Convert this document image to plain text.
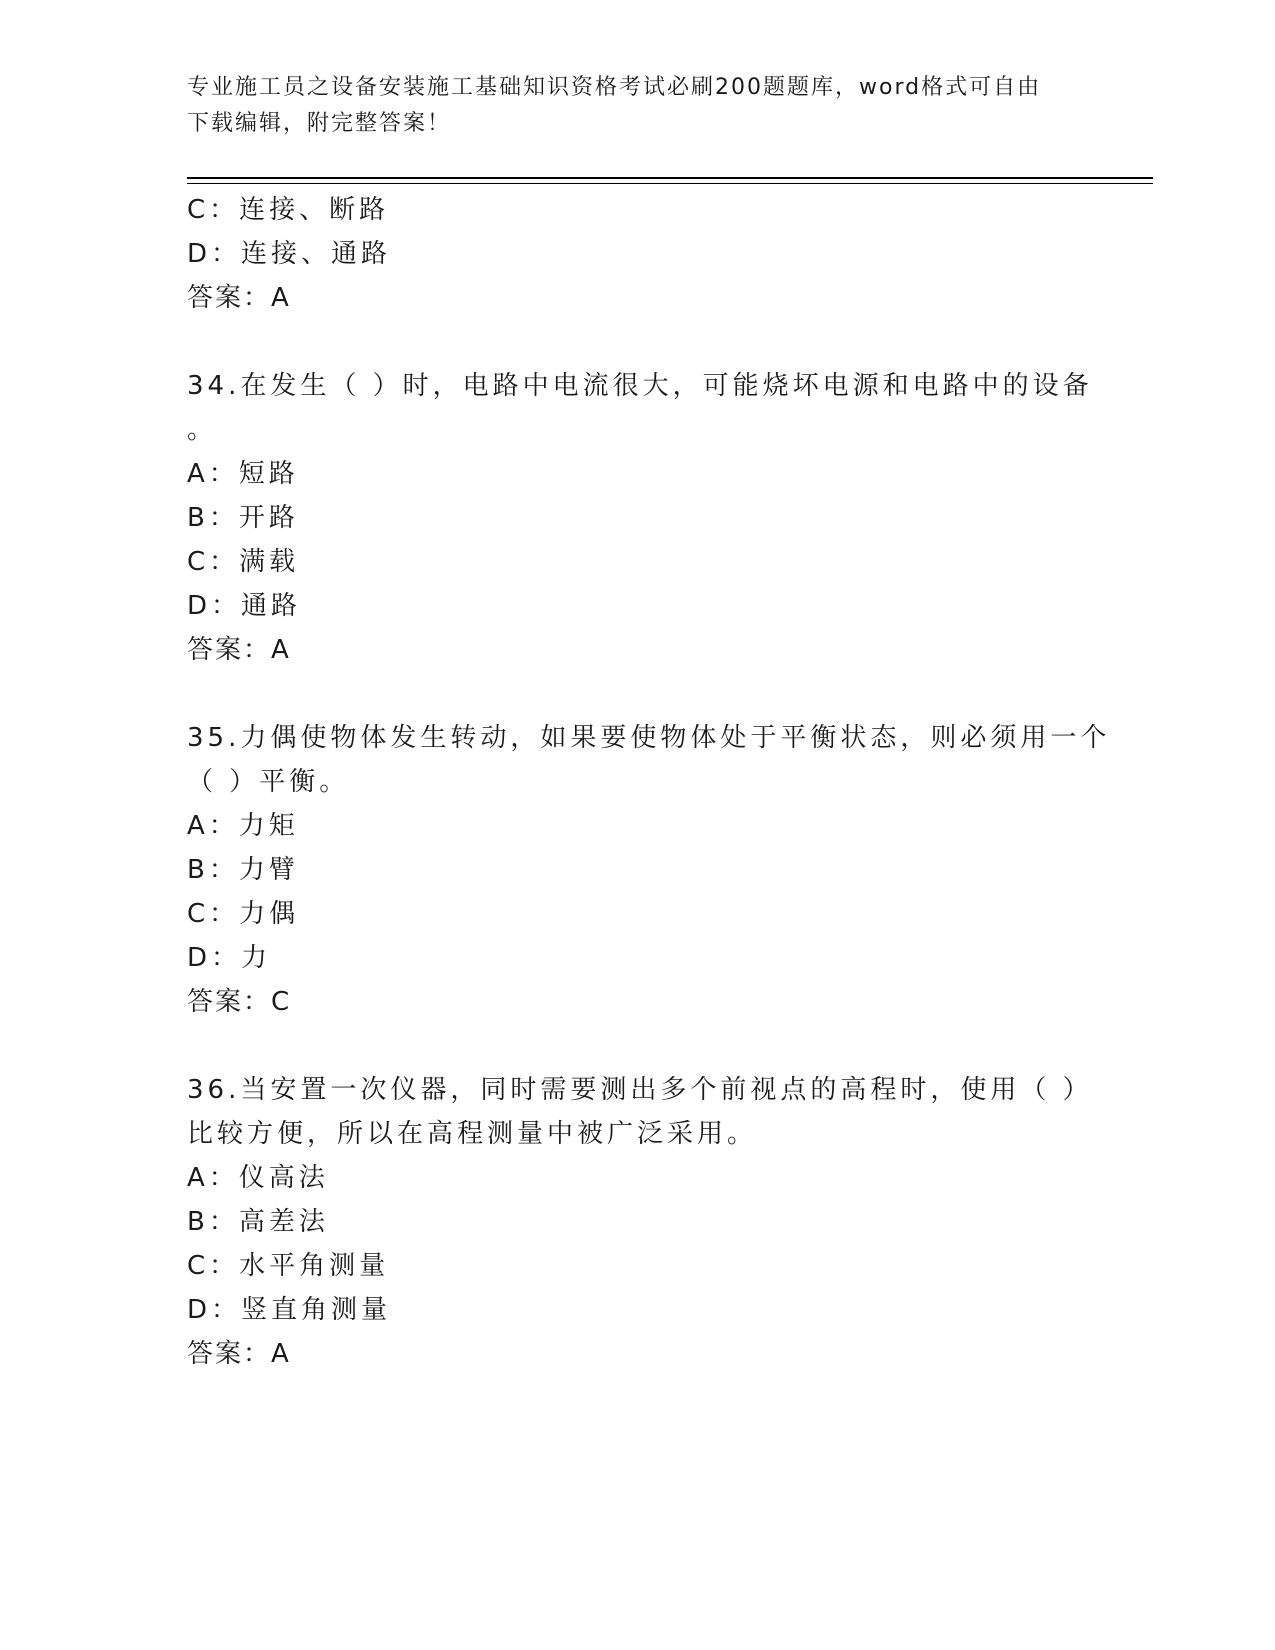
专业施工员之设备安装施工基础知识资格考试必刷200题题库，word格式可自由
下载编辑，附完整答案！
C：连接、断路
D：连接、通路
答案：A
34.在发生（ ）时，电路中电流很大，可能烧坏电源和电路中的设备
。
A：短路
B：开路
C：满载
D：通路
答案：A
35.力偶使物体发生转动，如果要使物体处于平衡状态，则必须用一个
（ ）平衡。
A：力矩
B：力臂
C：力偶
D：力
答案：C
36.当安置一次仪器，同时需要测出多个前视点的高程时，使用（ ）
比较方便，所以在高程测量中被广泛采用。
A：仪高法
B：高差法
C：水平角测量
D：竖直角测量
答案：A
